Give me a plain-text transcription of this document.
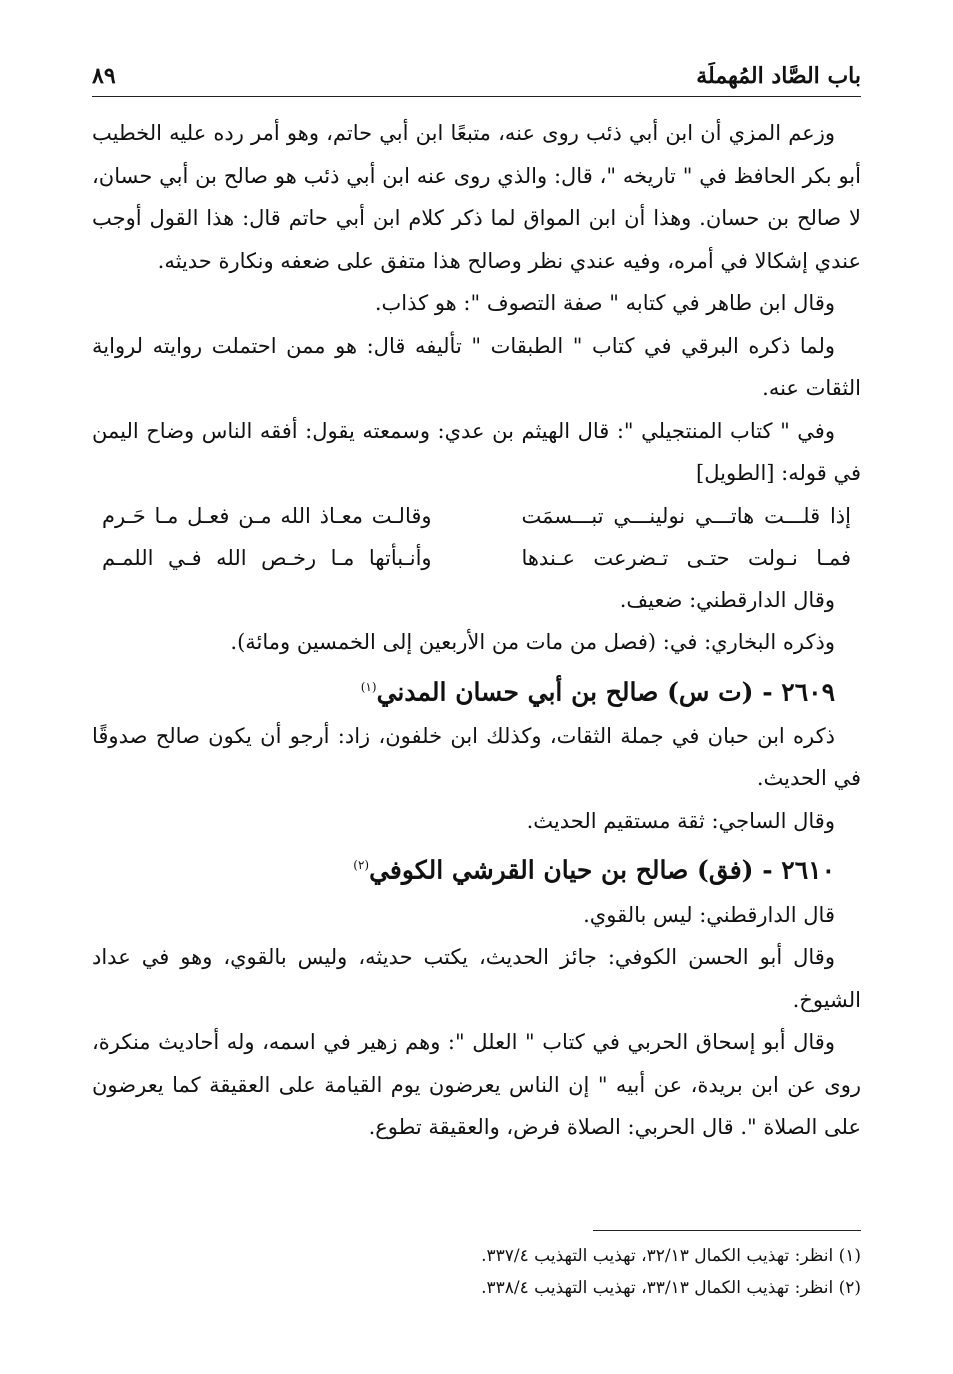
باب الصَّاد المُهملَة
٨٩

وزعم المزي أن ابن أبي ذئب روى عنه، متبعًا ابن أبي حاتم، وهو أمر رده عليه الخطيب أبو بكر الحافظ في " تاريخه "، قال: والذي روى عنه ابن أبي ذئب هو صالح بن أبي حسان، لا صالح بن حسان. وهذا أن ابن المواق لما ذكر كلام ابن أبي حاتم قال: هذا القول أوجب عندي إشكالا في أمره، وفيه عندي نظر وصالح هذا متفق على ضعفه ونكارة حديثه.

وقال ابن طاهر في كتابه " صفة التصوف ": هو كذاب.

ولما ذكره البرقي في كتاب " الطبقات " تأليفه قال: هو ممن احتملت روايته لرواية الثقات عنه.

وفي " كتاب المنتجيلي ": قال الهيثم بن عدي: وسمعته يقول: أفقه الناس وضاح اليمن في قوله: [الطويل]

إذا قلـــت هاتـــي نولينـــي تبـــسمَت
وقالـت معـاذ الله مـن فعـل مـا حَـرم
فمـا نـولت حتـى تـضرعت عـندها
وأنـبأتها مـا رخـص الله فـي اللمـم

وقال الدارقطني: ضعيف.

وذكره البخاري: في: (فصل من مات من الأربعين إلى الخمسين ومائة).

٢٦٠٩ - (ت س) صالح بن أبي حسان المدني$^{(١)}$

ذكره ابن حبان في جملة الثقات، وكذلك ابن خلفون، زاد: أرجو أن يكون صالح صدوقًا في الحديث.

وقال الساجي: ثقة مستقيم الحديث.

٢٦١٠ - (فق) صالح بن حيان القرشي الكوفي$^{(٢)}$

قال الدارقطني: ليس بالقوي.

وقال أبو الحسن الكوفي: جائز الحديث، يكتب حديثه، وليس بالقوي، وهو في عداد الشيوخ.

وقال أبو إسحاق الحربي في كتاب " العلل ": وهم زهير في اسمه، وله أحاديث منكرة، روى عن ابن بريدة، عن أبيه " إن الناس يعرضون يوم القيامة على العقيقة كما يعرضون على الصلاة ". قال الحربي: الصلاة فرض، والعقيقة تطوع.

(١) انظر: تهذيب الكمال ٣٢/١٣، تهذيب التهذيب ٣٣٧/٤.

(٢) انظر: تهذيب الكمال ٣٣/١٣، تهذيب التهذيب ٣٣٨/٤.
